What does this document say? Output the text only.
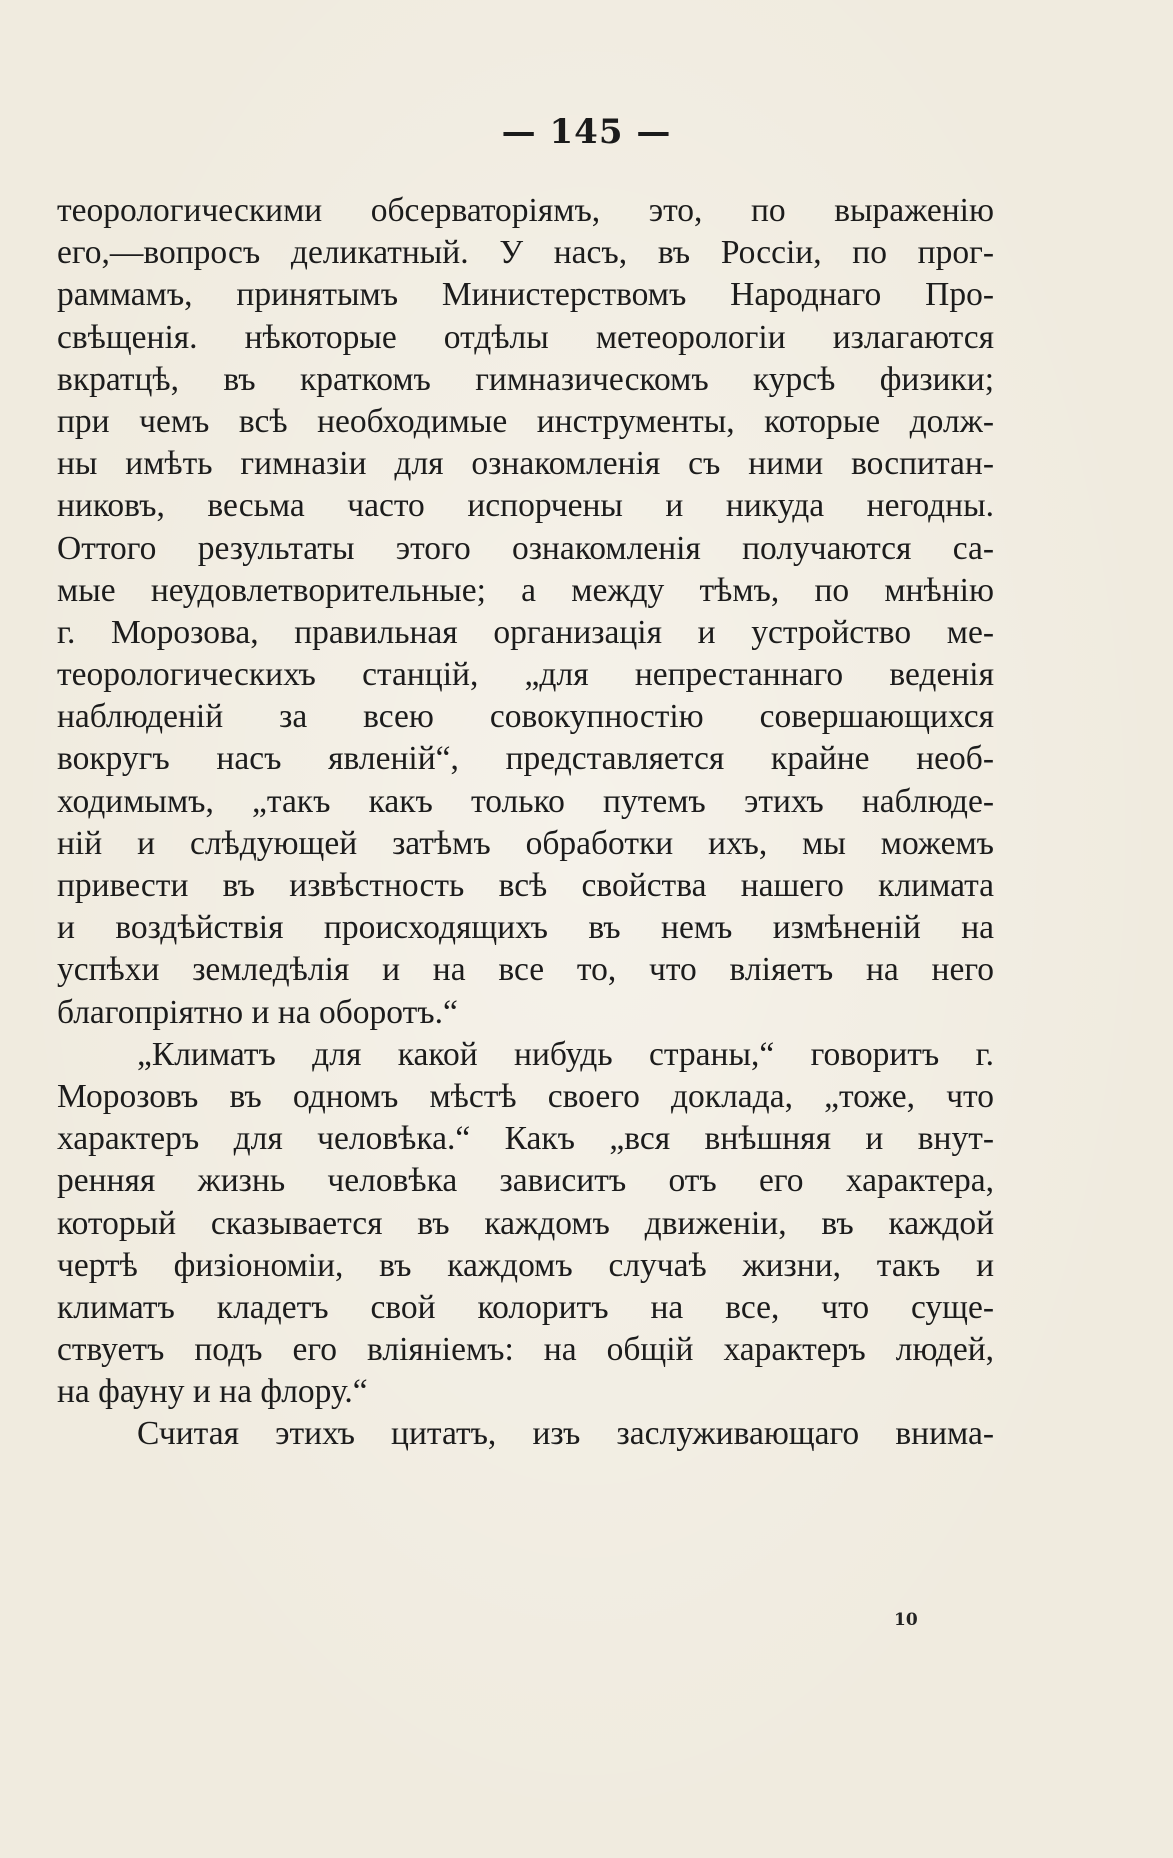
— 145 —
теорологическими обсерваторіямъ, это, по выраженію
его,—вопросъ деликатный. У насъ, въ Россіи, по прог-
раммамъ, принятымъ Министерствомъ Народнаго Про-
свѣщенія. нѣкоторые отдѣлы метеорологіи излагаются
вкратцѣ, въ краткомъ гимназическомъ курсѣ физики;
при чемъ всѣ необходимые инструменты, которые долж-
ны имѣть гимназіи для ознакомленія съ ними воспитан-
никовъ, весьма часто испорчены и никуда негодны.
Оттого результаты этого ознакомленія получаются са-
мые неудовлетворительные; а между тѣмъ, по мнѣнію
г. Морозова, правильная организація и устройство ме-
теорологическихъ станцій, „для непрестаннаго веденія
наблюденій за всею совокупностію совершающихся
вокругъ насъ явленій“, представляется крайне необ-
ходимымъ, „такъ какъ только путемъ этихъ наблюде-
ній и слѣдующей затѣмъ обработки ихъ, мы можемъ
привести въ извѣстность всѣ свойства нашего климата
и воздѣйствія происходящихъ въ немъ измѣненій на
успѣхи земледѣлія и на все то, что вліяетъ на него
благопріятно и на оборотъ.“
„Климатъ для какой нибудь страны,“ говоритъ г.
Морозовъ въ одномъ мѣстѣ своего доклада, „тоже, что
характеръ для человѣка.“ Какъ „вся внѣшняя и внут-
ренняя жизнь человѣка зависитъ отъ его характера,
который сказывается въ каждомъ движеніи, въ каждой
чертѣ физіономіи, въ каждомъ случаѣ жизни, такъ и
климатъ кладетъ свой колоритъ на все, что суще-
ствуетъ подъ его вліяніемъ: на общій характеръ людей,
на фауну и на флору.“
Считая этихъ цитатъ, изъ заслуживающаго внима-
10
